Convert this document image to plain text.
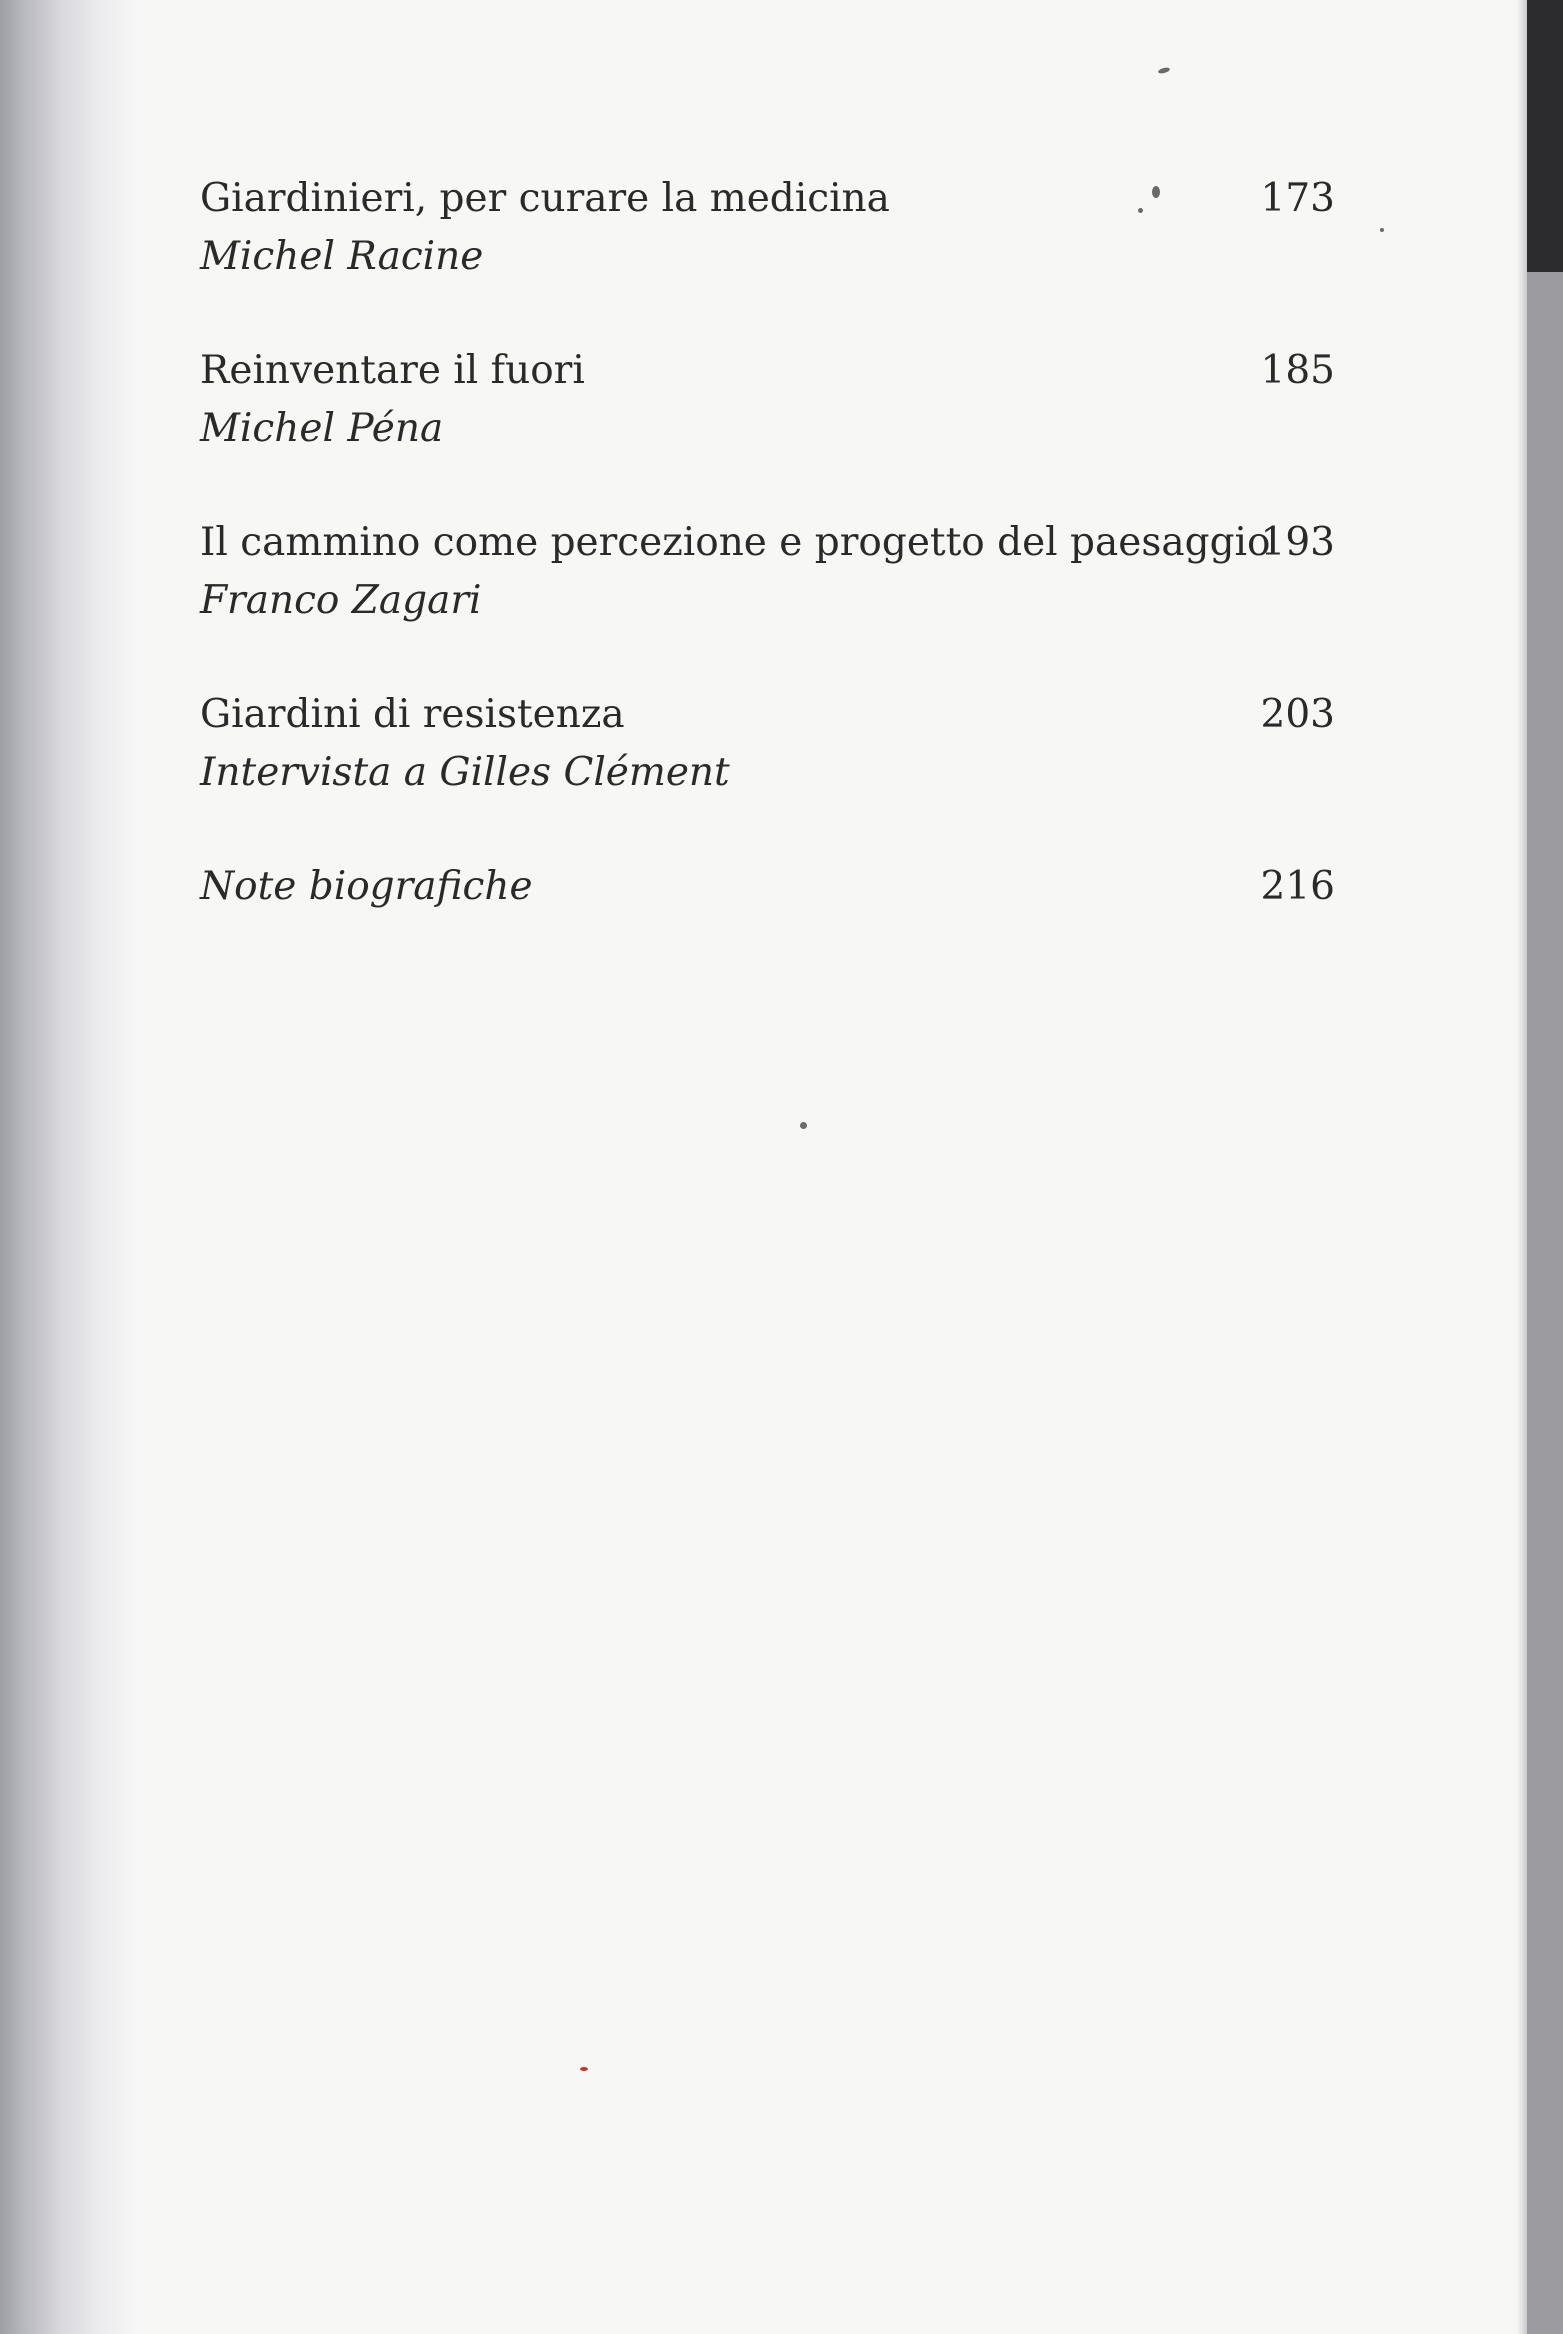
Giardinieri, per curare la medicina
Michel Racine
173
Reinventare il fuori
Michel Péna
185
Il cammino come percezione e progetto del paesaggio
Franco Zagari
193
Giardini di resistenza
Intervista a Gilles Clément
203
Note biografiche	216
